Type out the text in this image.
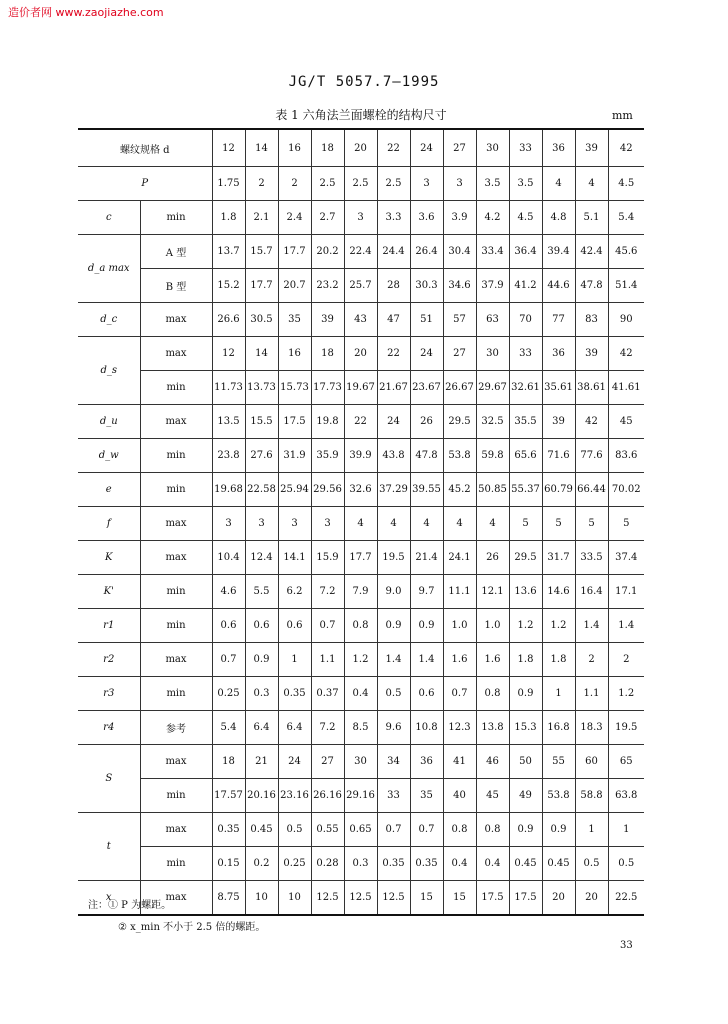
造价者网 www.zaojiazhe.com
JG/T 5057.7—1995
表 1 六角法兰面螺栓的结构尺寸	mm
螺纹规格 d		12	14	16	18	20	22	24	27	30	33	36	39	42
P		1.75	2	2	2.5	2.5	2.5	3	3	3.5	3.5	4	4	4.5
c	min	1.8	2.1	2.4	2.7	3	3.3	3.6	3.9	4.2	4.5	4.8	5.1	5.4
d_a max	A 型	13.7	15.7	17.7	20.2	22.4	24.4	26.4	30.4	33.4	36.4	39.4	42.4	45.6
	B 型	15.2	17.7	20.7	23.2	25.7	28	30.3	34.6	37.9	41.2	44.6	47.8	51.4
d_c	max	26.6	30.5	35	39	43	47	51	57	63	70	77	83	90
d_s	max	12	14	16	18	20	22	24	27	30	33	36	39	42
	min	11.73	13.73	15.73	17.73	19.67	21.67	23.67	26.67	29.67	32.61	35.61	38.61	41.61
d_u	max	13.5	15.5	17.5	19.8	22	24	26	29.5	32.5	35.5	39	42	45
d_w	min	23.8	27.6	31.9	35.9	39.9	43.8	47.8	53.8	59.8	65.6	71.6	77.6	83.6
e	min	19.68	22.58	25.94	29.56	32.6	37.29	39.55	45.2	50.85	55.37	60.79	66.44	70.02
f	max	3	3	3	3	4	4	4	4	4	5	5	5	5
K	max	10.4	12.4	14.1	15.9	17.7	19.5	21.4	24.1	26	29.5	31.7	33.5	37.4
K'	min	4.6	5.5	6.2	7.2	7.9	9.0	9.7	11.1	12.1	13.6	14.6	16.4	17.1
r1	min	0.6	0.6	0.6	0.7	0.8	0.9	0.9	1.0	1.0	1.2	1.2	1.4	1.4
r2	max	0.7	0.9	1	1.1	1.2	1.4	1.4	1.6	1.6	1.8	1.8	2	2
r3	min	0.25	0.3	0.35	0.37	0.4	0.5	0.6	0.7	0.8	0.9	1	1.1	1.2
r4	参考	5.4	6.4	6.4	7.2	8.5	9.6	10.8	12.3	13.8	15.3	16.8	18.3	19.5
S	max	18	21	24	27	30	34	36	41	46	50	55	60	65
	min	17.57	20.16	23.16	26.16	29.16	33	35	40	45	49	53.8	58.8	63.8
t	max	0.35	0.45	0.5	0.55	0.65	0.7	0.7	0.8	0.8	0.9	0.9	1	1
	min	0.15	0.2	0.25	0.28	0.3	0.35	0.35	0.4	0.4	0.45	0.45	0.5	0.5
x	max	8.75	10	10	12.5	12.5	12.5	15	15	17.5	17.5	20	20	22.5
注：① P 为螺距。
② x_min 不小于 2.5 倍的螺距。
33
